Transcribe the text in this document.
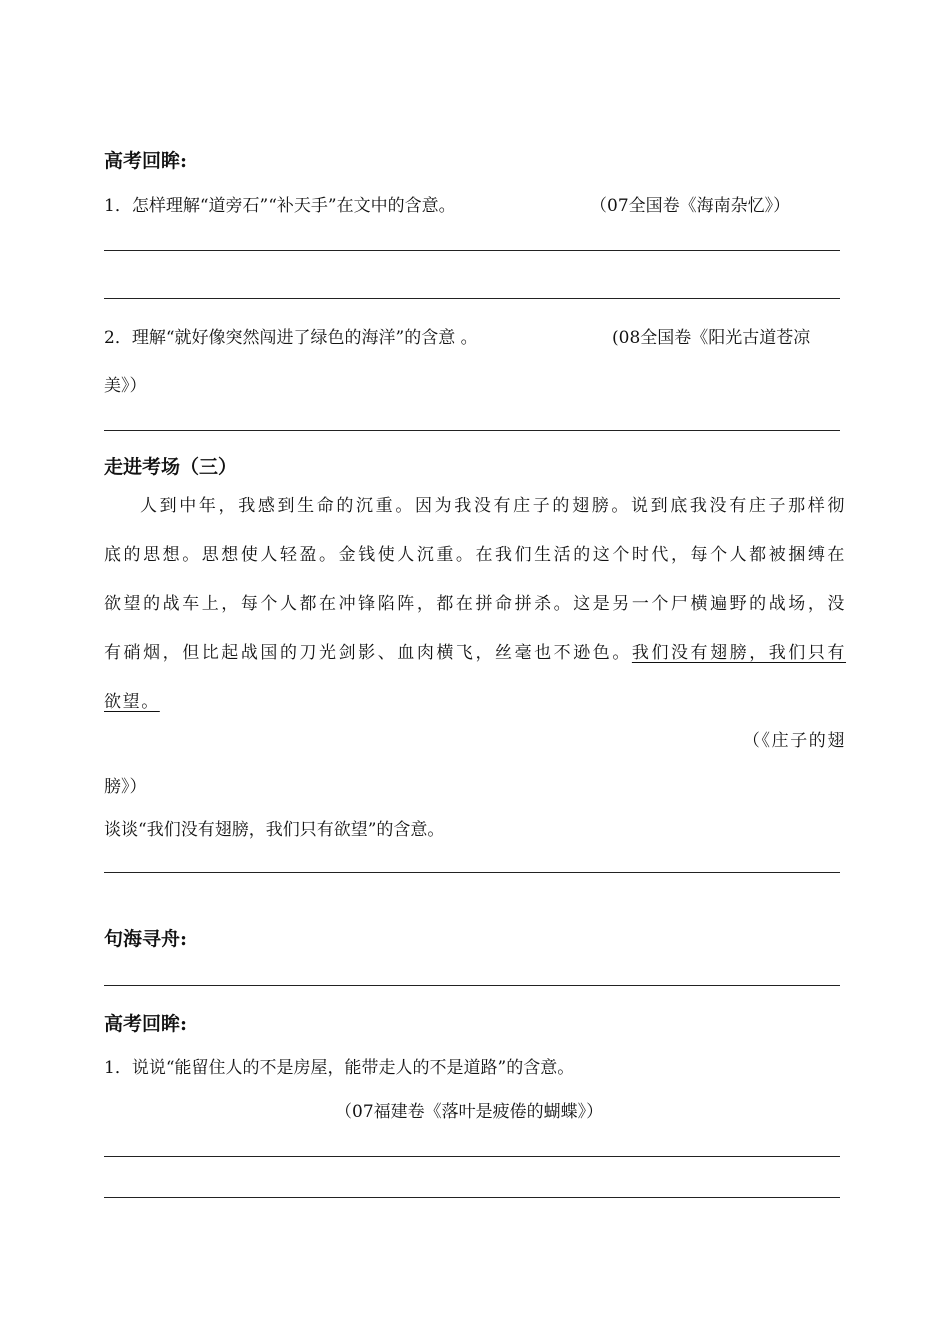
高考回眸:
1．怎样理解“道旁石”“补天手”在文中的含意。	（07全国卷《海南杂忆》）
2．理解“就好像突然闯进了绿色的海洋”的含意 。	(08全国卷《阳光古道苍凉
美》）
走进考场（三）

人到中年，我感到生命的沉重。因为我没有庄子的翅膀。说到底我没有庄子那样彻

底的思想。思想使人轻盈。金钱使人沉重。在我们生活的这个时代，每个人都被捆缚在

欲望的战车上，每个人都在冲锋陷阵，都在拼命拼杀。这是另一个尸横遍野的战场，没

有硝烟，但比起战国的刀光剑影、血肉横飞，丝毫也不逊色。我们没有翅膀，我们只有

欲望。

（《庄子的翅
膀》）
谈谈“我们没有翅膀，我们只有欲望”的含意。
句海寻舟:
高考回眸:
1．说说“能留住人的不是房屋，能带走人的不是道路”的含意。
（07福建卷《落叶是疲倦的蝴蝶》）
